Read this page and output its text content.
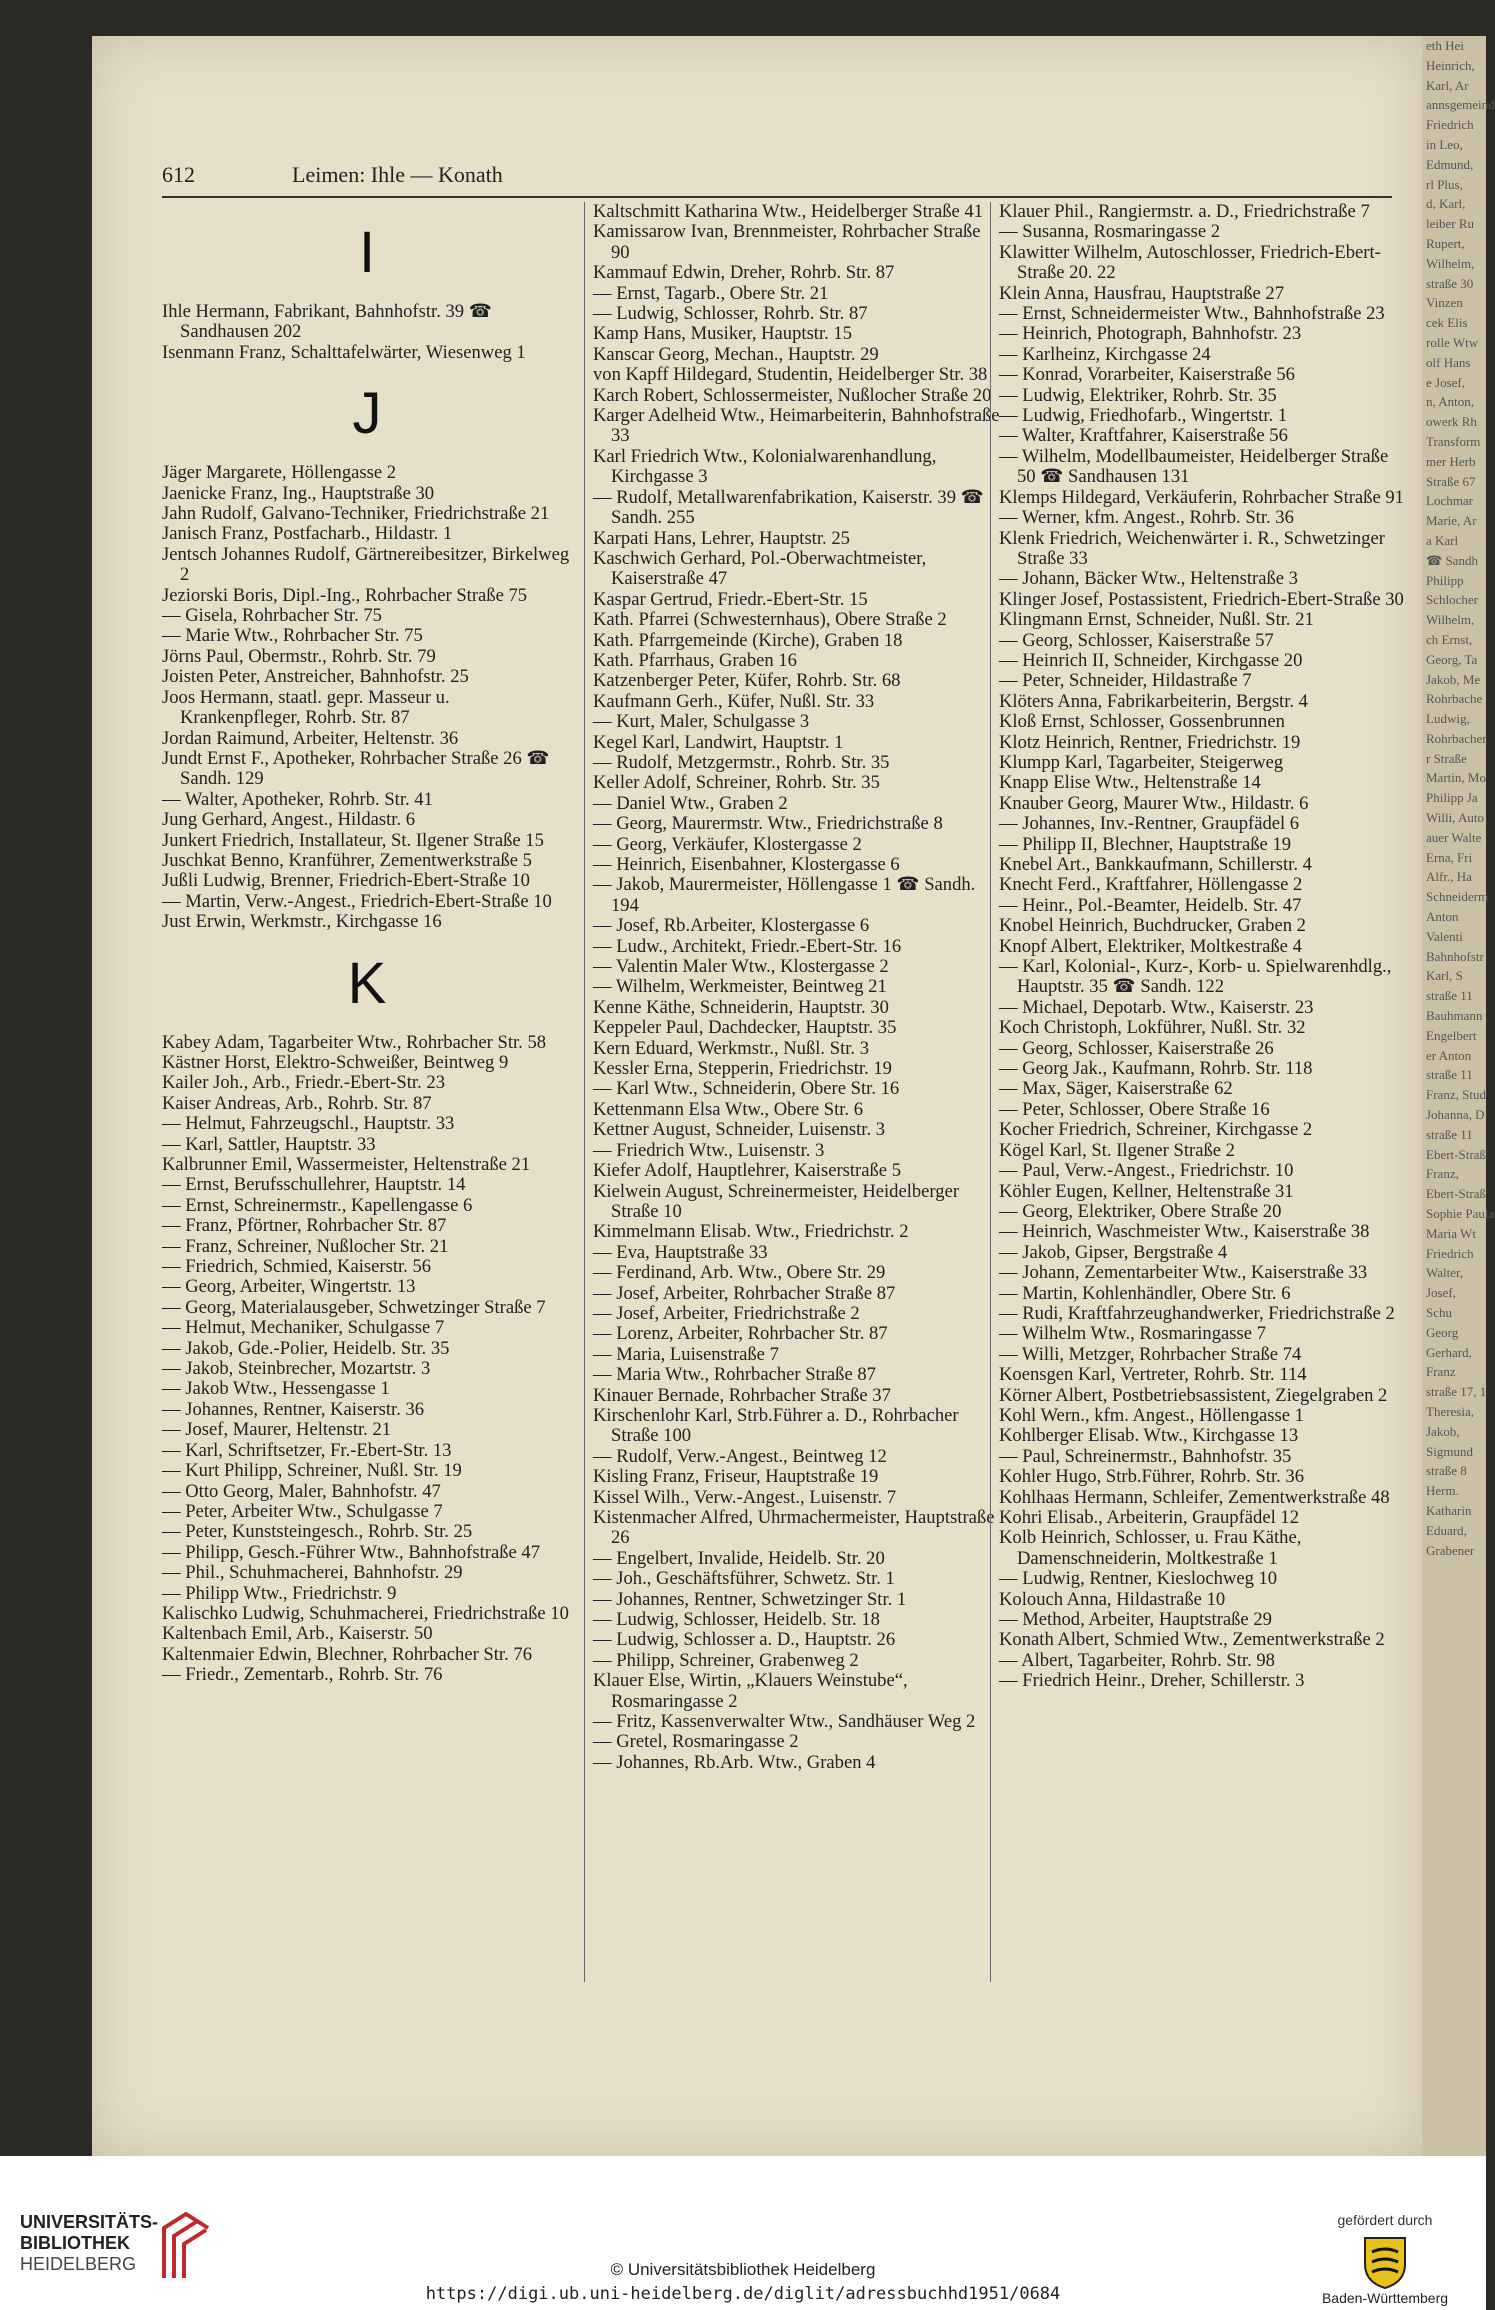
612	Leimen: Ihle — Konath
I
Ihle Hermann, Fabrikant, Bahnhofstr. 39 ☎ Sandhausen 202
Isenmann Franz, Schalttafelwärter, Wiesenweg 1
J
Jäger Margarete, Höllengasse 2
Jaenicke Franz, Ing., Hauptstraße 30
Jahn Rudolf, Galvano-Techniker, Friedrichstraße 21
Janisch Franz, Postfacharb., Hildastr. 1
Jentsch Johannes Rudolf, Gärtnereibesitzer, Birkelweg 2
Jeziorski Boris, Dipl.-Ing., Rohrbacher Straße 75
— Gisela, Rohrbacher Str. 75
— Marie Wtw., Rohrbacher Str. 75
Jörns Paul, Obermstr., Rohrb. Str. 79
Joisten Peter, Anstreicher, Bahnhofstr. 25
Joos Hermann, staatl. gepr. Masseur u. Krankenpfleger, Rohrb. Str. 87
Jordan Raimund, Arbeiter, Heltenstr. 36
Jundt Ernst F., Apotheker, Rohrbacher Straße 26 ☎ Sandh. 129
— Walter, Apotheker, Rohrb. Str. 41
Jung Gerhard, Angest., Hildastr. 6
Junkert Friedrich, Installateur, St. Ilgener Straße 15
Juschkat Benno, Kranführer, Zementwerkstraße 5
Jußli Ludwig, Brenner, Friedrich-Ebert-Straße 10
— Martin, Verw.-Angest., Friedrich-Ebert-Straße 10
Just Erwin, Werkmstr., Kirchgasse 16
K
Kabey Adam, Tagarbeiter Wtw., Rohrbacher Str. 58
Kästner Horst, Elektro-Schweißer, Beintweg 9
Kailer Joh., Arb., Friedr.-Ebert-Str. 23
Kaiser Andreas, Arb., Rohrb. Str. 87
— Helmut, Fahrzeugschl., Hauptstr. 33
— Karl, Sattler, Hauptstr. 33
Kalbrunner Emil, Wassermeister, Heltenstraße 21
— Ernst, Berufsschullehrer, Hauptstr. 14
— Ernst, Schreinermstr., Kapellengasse 6
— Franz, Pförtner, Rohrbacher Str. 87
— Franz, Schreiner, Nußlocher Str. 21
— Friedrich, Schmied, Kaiserstr. 56
— Georg, Arbeiter, Wingertstr. 13
— Georg, Materialausgeber, Schwetzinger Straße 7
— Helmut, Mechaniker, Schulgasse 7
— Jakob, Gde.-Polier, Heidelb. Str. 35
— Jakob, Steinbrecher, Mozartstr. 3
— Jakob Wtw., Hessengasse 1
— Johannes, Rentner, Kaiserstr. 36
— Josef, Maurer, Heltenstr. 21
— Karl, Schriftsetzer, Fr.-Ebert-Str. 13
— Kurt Philipp, Schreiner, Nußl. Str. 19
— Otto Georg, Maler, Bahnhofstr. 47
— Peter, Arbeiter Wtw., Schulgasse 7
— Peter, Kunststeingesch., Rohrb. Str. 25
— Philipp, Gesch.-Führer Wtw., Bahnhofstraße 47
— Phil., Schuhmacherei, Bahnhofstr. 29
— Philipp Wtw., Friedrichstr. 9
Kalischko Ludwig, Schuhmacherei, Friedrichstraße 10
Kaltenbach Emil, Arb., Kaiserstr. 50
Kaltenmaier Edwin, Blechner, Rohrbacher Str. 76
— Friedr., Zementarb., Rohrb. Str. 76
Kaltschmitt Katharina Wtw., Heidelberger Straße 41
Kamissarow Ivan, Brennmeister, Rohrbacher Straße 90
Kammauf Edwin, Dreher, Rohrb. Str. 87
— Ernst, Tagarb., Obere Str. 21
— Ludwig, Schlosser, Rohrb. Str. 87
Kamp Hans, Musiker, Hauptstr. 15
Kanscar Georg, Mechan., Hauptstr. 29
von Kapff Hildegard, Studentin, Heidelberger Str. 38
Karch Robert, Schlossermeister, Nußlocher Straße 20
Karger Adelheid Wtw., Heimarbeiterin, Bahnhofstraße 33
Karl Friedrich Wtw., Kolonialwarenhandlung, Kirchgasse 3
— Rudolf, Metallwarenfabrikation, Kaiserstr. 39 ☎ Sandh. 255
Karpati Hans, Lehrer, Hauptstr. 25
Kaschwich Gerhard, Pol.-Oberwachtmeister, Kaiserstraße 47
Kaspar Gertrud, Friedr.-Ebert-Str. 15
Kath. Pfarrei (Schwesternhaus), Obere Straße 2
Kath. Pfarrgemeinde (Kirche), Graben 18
Kath. Pfarrhaus, Graben 16
Katzenberger Peter, Küfer, Rohrb. Str. 68
Kaufmann Gerh., Küfer, Nußl. Str. 33
— Kurt, Maler, Schulgasse 3
Kegel Karl, Landwirt, Hauptstr. 1
— Rudolf, Metzgermstr., Rohrb. Str. 35
Keller Adolf, Schreiner, Rohrb. Str. 35
— Daniel Wtw., Graben 2
— Georg, Maurermstr. Wtw., Friedrichstraße 8
— Georg, Verkäufer, Klostergasse 2
— Heinrich, Eisenbahner, Klostergasse 6
— Jakob, Maurermeister, Höllengasse 1 ☎ Sandh. 194
— Josef, Rb.Arbeiter, Klostergasse 6
— Ludw., Architekt, Friedr.-Ebert-Str. 16
— Valentin Maler Wtw., Klostergasse 2
— Wilhelm, Werkmeister, Beintweg 21
Kenne Käthe, Schneiderin, Hauptstr. 30
Keppeler Paul, Dachdecker, Hauptstr. 35
Kern Eduard, Werkmstr., Nußl. Str. 3
Kessler Erna, Stepperin, Friedrichstr. 19
— Karl Wtw., Schneiderin, Obere Str. 16
Kettenmann Elsa Wtw., Obere Str. 6
Kettner August, Schneider, Luisenstr. 3
— Friedrich Wtw., Luisenstr. 3
Kiefer Adolf, Hauptlehrer, Kaiserstraße 5
Kielwein August, Schreinermeister, Heidelberger Straße 10
Kimmelmann Elisab. Wtw., Friedrichstr. 2
— Eva, Hauptstraße 33
— Ferdinand, Arb. Wtw., Obere Str. 29
— Josef, Arbeiter, Rohrbacher Straße 87
— Josef, Arbeiter, Friedrichstraße 2
— Lorenz, Arbeiter, Rohrbacher Str. 87
— Maria, Luisenstraße 7
— Maria Wtw., Rohrbacher Straße 87
Kinauer Bernade, Rohrbacher Straße 37
Kirschenlohr Karl, Strb.Führer a. D., Rohrbacher Straße 100
— Rudolf, Verw.-Angest., Beintweg 12
Kisling Franz, Friseur, Hauptstraße 19
Kissel Wilh., Verw.-Angest., Luisenstr. 7
Kistenmacher Alfred, Uhrmachermeister, Hauptstraße 26
— Engelbert, Invalide, Heidelb. Str. 20
— Joh., Geschäftsführer, Schwetz. Str. 1
— Johannes, Rentner, Schwetzinger Str. 1
— Ludwig, Schlosser, Heidelb. Str. 18
— Ludwig, Schlosser a. D., Hauptstr. 26
— Philipp, Schreiner, Grabenweg 2
Klauer Else, Wirtin, „Klauers Weinstube“, Rosmaringasse 2
— Fritz, Kassenverwalter Wtw., Sandhäuser Weg 2
— Gretel, Rosmaringasse 2
— Johannes, Rb.Arb. Wtw., Graben 4
Klauer Phil., Rangiermstr. a. D., Friedrichstraße 7
— Susanna, Rosmaringasse 2
Klawitter Wilhelm, Autoschlosser, Friedrich-Ebert-Straße 20. 22
Klein Anna, Hausfrau, Hauptstraße 27
— Ernst, Schneidermeister Wtw., Bahnhofstraße 23
— Heinrich, Photograph, Bahnhofstr. 23
— Karlheinz, Kirchgasse 24
— Konrad, Vorarbeiter, Kaiserstraße 56
— Ludwig, Elektriker, Rohrb. Str. 35
— Ludwig, Friedhofarb., Wingertstr. 1
— Walter, Kraftfahrer, Kaiserstraße 56
— Wilhelm, Modellbaumeister, Heidelberger Straße 50 ☎ Sandhausen 131
Klemps Hildegard, Verkäuferin, Rohrbacher Straße 91
— Werner, kfm. Angest., Rohrb. Str. 36
Klenk Friedrich, Weichenwärter i. R., Schwetzinger Straße 33
— Johann, Bäcker Wtw., Heltenstraße 3
Klinger Josef, Postassistent, Friedrich-Ebert-Straße 30
Klingmann Ernst, Schneider, Nußl. Str. 21
— Georg, Schlosser, Kaiserstraße 57
— Heinrich II, Schneider, Kirchgasse 20
— Peter, Schneider, Hildastraße 7
Klöters Anna, Fabrikarbeiterin, Bergstr. 4
Kloß Ernst, Schlosser, Gossenbrunnen
Klotz Heinrich, Rentner, Friedrichstr. 19
Klumpp Karl, Tagarbeiter, Steigerweg
Knapp Elise Wtw., Heltenstraße 14
Knauber Georg, Maurer Wtw., Hildastr. 6
— Johannes, Inv.-Rentner, Graupfädel 6
— Philipp II, Blechner, Hauptstraße 19
Knebel Art., Bankkaufmann, Schillerstr. 4
Knecht Ferd., Kraftfahrer, Höllengasse 2
— Heinr., Pol.-Beamter, Heidelb. Str. 47
Knobel Heinrich, Buchdrucker, Graben 2
Knopf Albert, Elektriker, Moltkestraße 4
— Karl, Kolonial-, Kurz-, Korb- u. Spielwarenhdlg., Hauptstr. 35 ☎ Sandh. 122
— Michael, Depotarb. Wtw., Kaiserstr. 23
Koch Christoph, Lokführer, Nußl. Str. 32
— Georg, Schlosser, Kaiserstraße 26
— Georg Jak., Kaufmann, Rohrb. Str. 118
— Max, Säger, Kaiserstraße 62
— Peter, Schlosser, Obere Straße 16
Kocher Friedrich, Schreiner, Kirchgasse 2
Kögel Karl, St. Ilgener Straße 2
— Paul, Verw.-Angest., Friedrichstr. 10
Köhler Eugen, Kellner, Heltenstraße 31
— Georg, Elektriker, Obere Straße 20
— Heinrich, Waschmeister Wtw., Kaiserstraße 38
— Jakob, Gipser, Bergstraße 4
— Johann, Zementarbeiter Wtw., Kaiserstraße 33
— Martin, Kohlenhändler, Obere Str. 6
— Rudi, Kraftfahrzeughandwerker, Friedrichstraße 2
— Wilhelm Wtw., Rosmaringasse 7
— Willi, Metzger, Rohrbacher Straße 74
Koensgen Karl, Vertreter, Rohrb. Str. 114
Körner Albert, Postbetriebsassistent, Ziegelgraben 2
Kohl Wern., kfm. Angest., Höllengasse 1
Kohlberger Elisab. Wtw., Kirchgasse 13
— Paul, Schreinermstr., Bahnhofstr. 35
Kohler Hugo, Strb.Führer, Rohrb. Str. 36
Kohlhaas Hermann, Schleifer, Zementwerkstraße 48
Kohri Elisab., Arbeiterin, Graupfädel 12
Kolb Heinrich, Schlosser, u. Frau Käthe, Damenschneiderin, Moltkestraße 1
— Ludwig, Rentner, Kieslochweg 10
Kolouch Anna, Hildastraße 10
— Method, Arbeiter, Hauptstraße 29
Konath Albert, Schmied Wtw., Zementwerkstraße 2
— Albert, Tagarbeiter, Rohrb. Str. 98
— Friedrich Heinr., Dreher, Schillerstr. 3
eth Hei
Heinrich,
Karl, Ar
annsgemeind
Friedrich
in Leo,
Edmund,
rl Plus,
d, Karl,
leiber Ru
Rupert,
Wilhelm,
straße 30
Vinzen
cek Elis
rolle Wtw
olf Hans
e Josef,
n, Anton,
owerk Rh
Transform
mer Herb
Straße 67
Lochmar
Marie, Ar
a Karl
☎ Sandh
Philipp
Schlocher
Wilhelm,
ch Ernst,
Georg, Ta
Jakob, Me
Rohrbache
Ludwig,
Rohrbacher
r Straße
Martin, Mo
Philipp Ja
Willi, Auto
auer Walte
Erna, Fri
Alfr., Ha
Schneiderm
Anton
Valenti
Bahnhofstr
Karl, S
straße 11
Bauhmann
Engelbert
er Anton
straße 11
Franz, Stud
Johanna, D
straße 11
Ebert-Straß
Franz,
Ebert-Straß
Sophie Paula
Maria Wt
Friedrich
Walter,
Josef,
Schu
Georg
Gerhard,
Franz
straße 17, 1
Theresia,
Jakob,
Sigmund
straße 8
Herm.
Katharin
Eduard,
Grabener
UNIVERSITÄTS-
BIBLIOTHEK
HEIDELBERG	© Universitätsbibliothek Heidelberg
https://digi.ub.uni-heidelberg.de/diglit/adressbuchhd1951/0684
gefördert durch
Baden-Württemberg
